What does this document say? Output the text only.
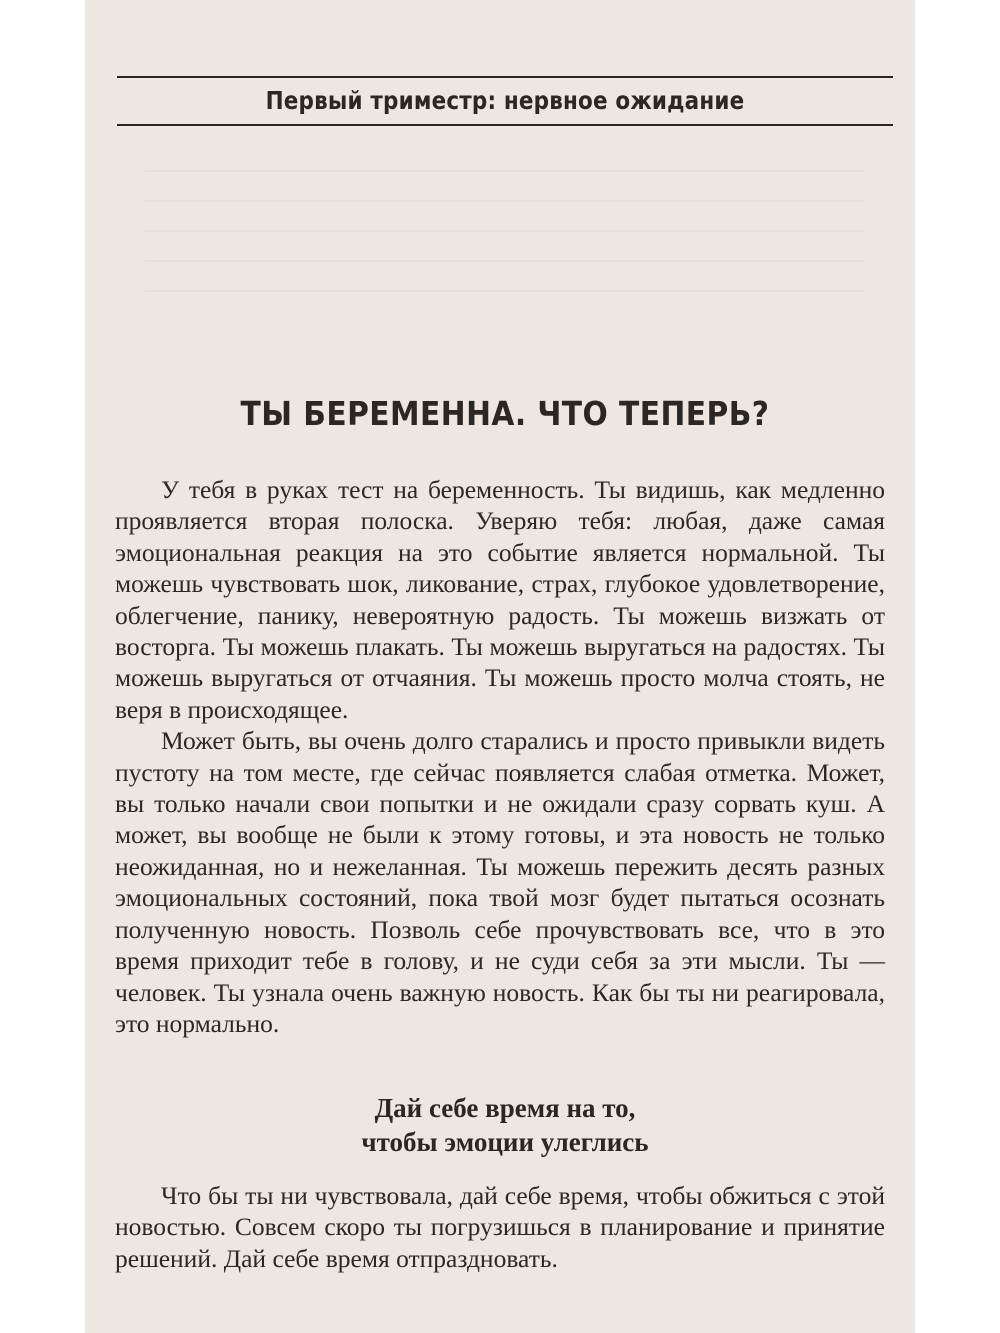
Первый триместр: нервное ожидание
ТЫ БЕРЕМЕННА. ЧТО ТЕПЕРЬ?

У тебя в руках тест на беременность. Ты видишь, как медленно проявляется вторая полоска. Уверяю тебя: любая, даже самая эмоциональная реакция на это событие является нормальной. Ты можешь чувствовать шок, ликование, страх, глубокое удовлетворение, облегчение, панику, невероятную радость. Ты можешь визжать от восторга. Ты можешь плакать. Ты можешь выругаться на радостях. Ты можешь выругаться от отчаяния. Ты можешь просто молча стоять, не веря в происходящее.

Может быть, вы очень долго старались и просто привыкли видеть пустоту на том месте, где сейчас появляется слабая отметка. Может, вы только начали свои попытки и не ожидали сразу сорвать куш. А может, вы вообще не были к этому готовы, и эта новость не только неожиданная, но и нежеланная. Ты можешь пережить десять разных эмоциональных состояний, пока твой мозг будет пытаться осознать полученную новость. Позволь себе прочувствовать все, что в это время приходит тебе в голову, и не суди себя за эти мысли. Ты — человек. Ты узнала очень важную новость. Как бы ты ни реагировала, это нормально.

Дай себе время на то,
чтобы эмоции улеглись

Что бы ты ни чувствовала, дай себе время, чтобы обжиться с этой новостью. Совсем скоро ты погрузишься в планирование и принятие решений. Дай себе время отпраздновать.
